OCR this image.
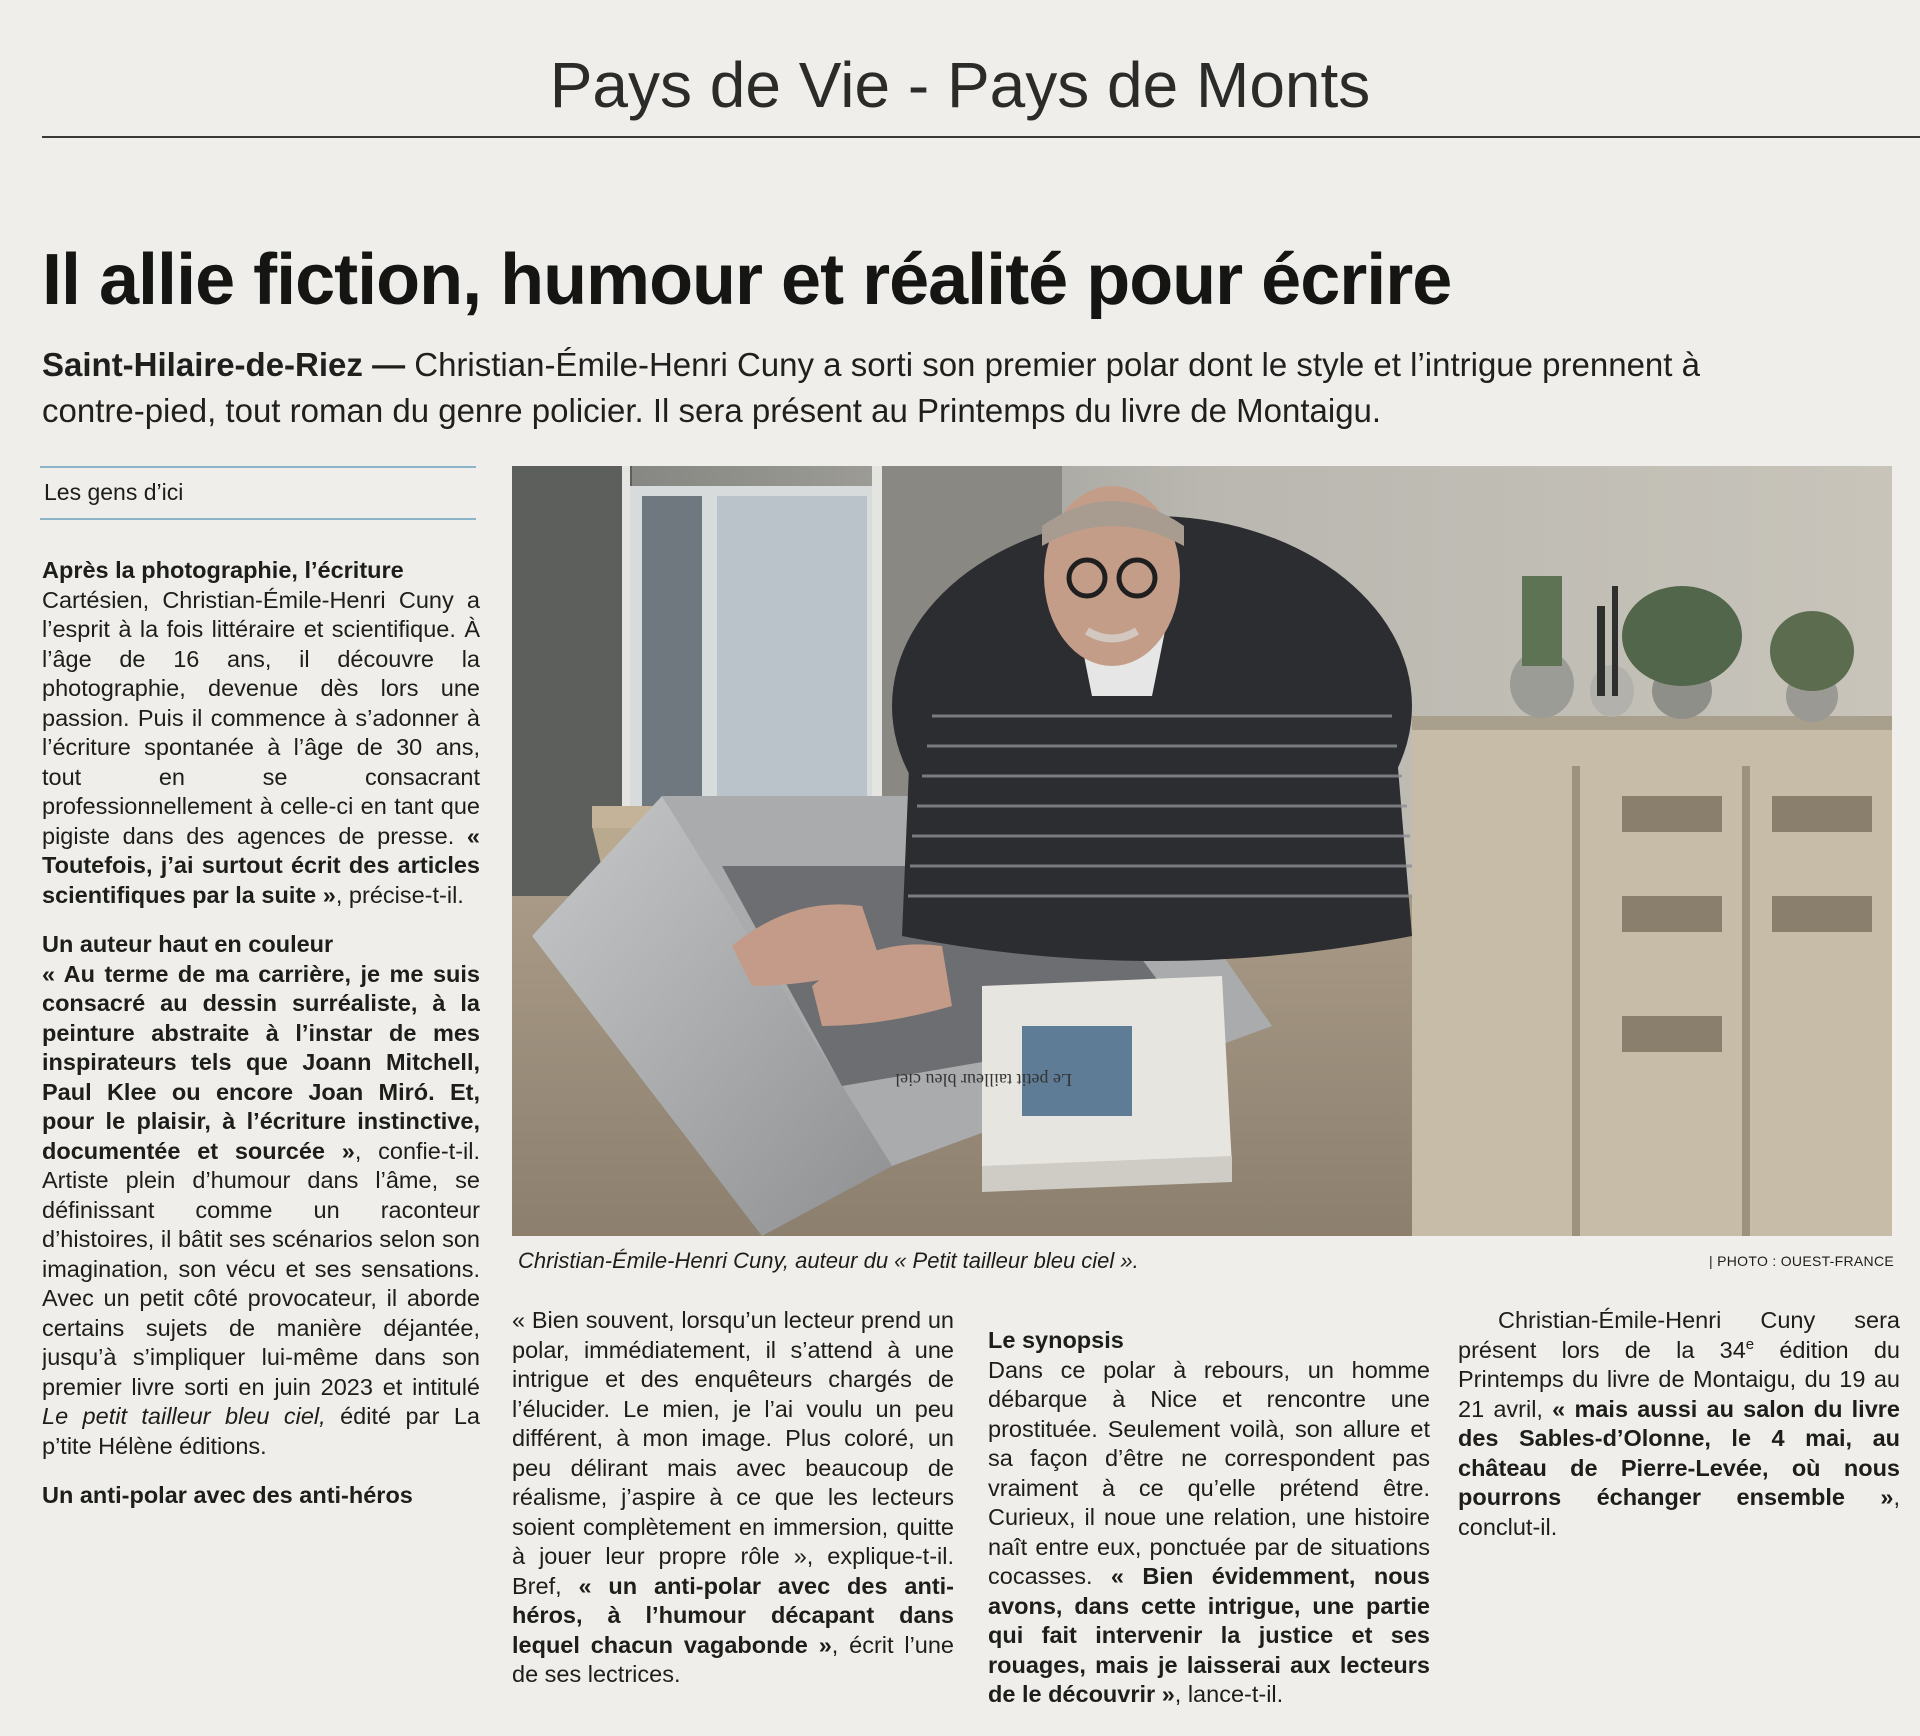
Pays de Vie - Pays de Monts
Il allie fiction, humour et réalité pour écrire
Saint-Hilaire-de-Riez — Christian-Émile-Henri Cuny a sorti son premier polar dont le style et l’intrigue prennent à contre-pied, tout roman du genre policier. Il sera présent au Printemps du livre de Montaigu.
Les gens d’ici

Après la photographie, l’écriture

Cartésien, Christian-Émile-Henri Cuny a l’esprit à la fois littéraire et scientifique. À l’âge de 16 ans, il découvre la photographie, devenue dès lors une passion. Puis il commence à s’adonner à l’écriture spontanée à l’âge de 30 ans, tout en se consacrant professionnellement à celle-ci en tant que pigiste dans des agences de presse. « Toutefois, j’ai surtout écrit des articles scientifiques par la suite », précise-t-il.

Un auteur haut en couleur

« Au terme de ma carrière, je me suis consacré au dessin surréaliste, à la peinture abstraite à l’instar de mes inspirateurs tels que Joann Mitchell, Paul Klee ou encore Joan Miró. Et, pour le plaisir, à l’écriture instinctive, documentée et sourcée », confie-t-il. Artiste plein d’humour dans l’âme, se définissant comme un raconteur d’histoires, il bâtit ses scénarios selon son imagination, son vécu et ses sensations. Avec un petit côté provocateur, il aborde certains sujets de manière déjantée, jusqu’à s’impliquer lui-même dans son premier livre sorti en juin 2023 et intitulé Le petit tailleur bleu ciel, édité par La p’tite Hélène éditions.

Un anti-polar avec des anti-héros

Le petit tailleur bleu ciel
Christian-Émile-Henri Cuny, auteur du « Petit tailleur bleu ciel ».	| PHOTO : OUEST-FRANCE

« Bien souvent, lorsqu’un lecteur prend un polar, immédiatement, il s’attend à une intrigue et des enquêteurs chargés de l’élucider. Le mien, je l’ai voulu un peu différent, à mon image. Plus coloré, un peu délirant mais avec beaucoup de réalisme, j’aspire à ce que les lecteurs soient complètement en immersion, quitte à jouer leur propre rôle », explique-t-il. Bref, « un anti-polar avec des anti-héros, à l’humour décapant dans lequel chacun vagabonde », écrit l’une de ses lectrices.

Le synopsis

Dans ce polar à rebours, un homme débarque à Nice et rencontre une prostituée. Seulement voilà, son allure et sa façon d’être ne correspondent pas vraiment à ce qu’elle prétend être. Curieux, il noue une relation, une histoire naît entre eux, ponctuée par de situations cocasses. « Bien évidemment, nous avons, dans cette intrigue, une partie qui fait intervenir la justice et ses rouages, mais je laisserai aux lecteurs de le découvrir », lance-t-il.

Christian-Émile-Henri Cuny sera présent lors de la 34e édition du Printemps du livre de Montaigu, du 19 au 21 avril, « mais aussi au salon du livre des Sables-d’Olonne, le 4 mai, au château de Pierre-Levée, où nous pourrons échanger ensemble », conclut-il.
